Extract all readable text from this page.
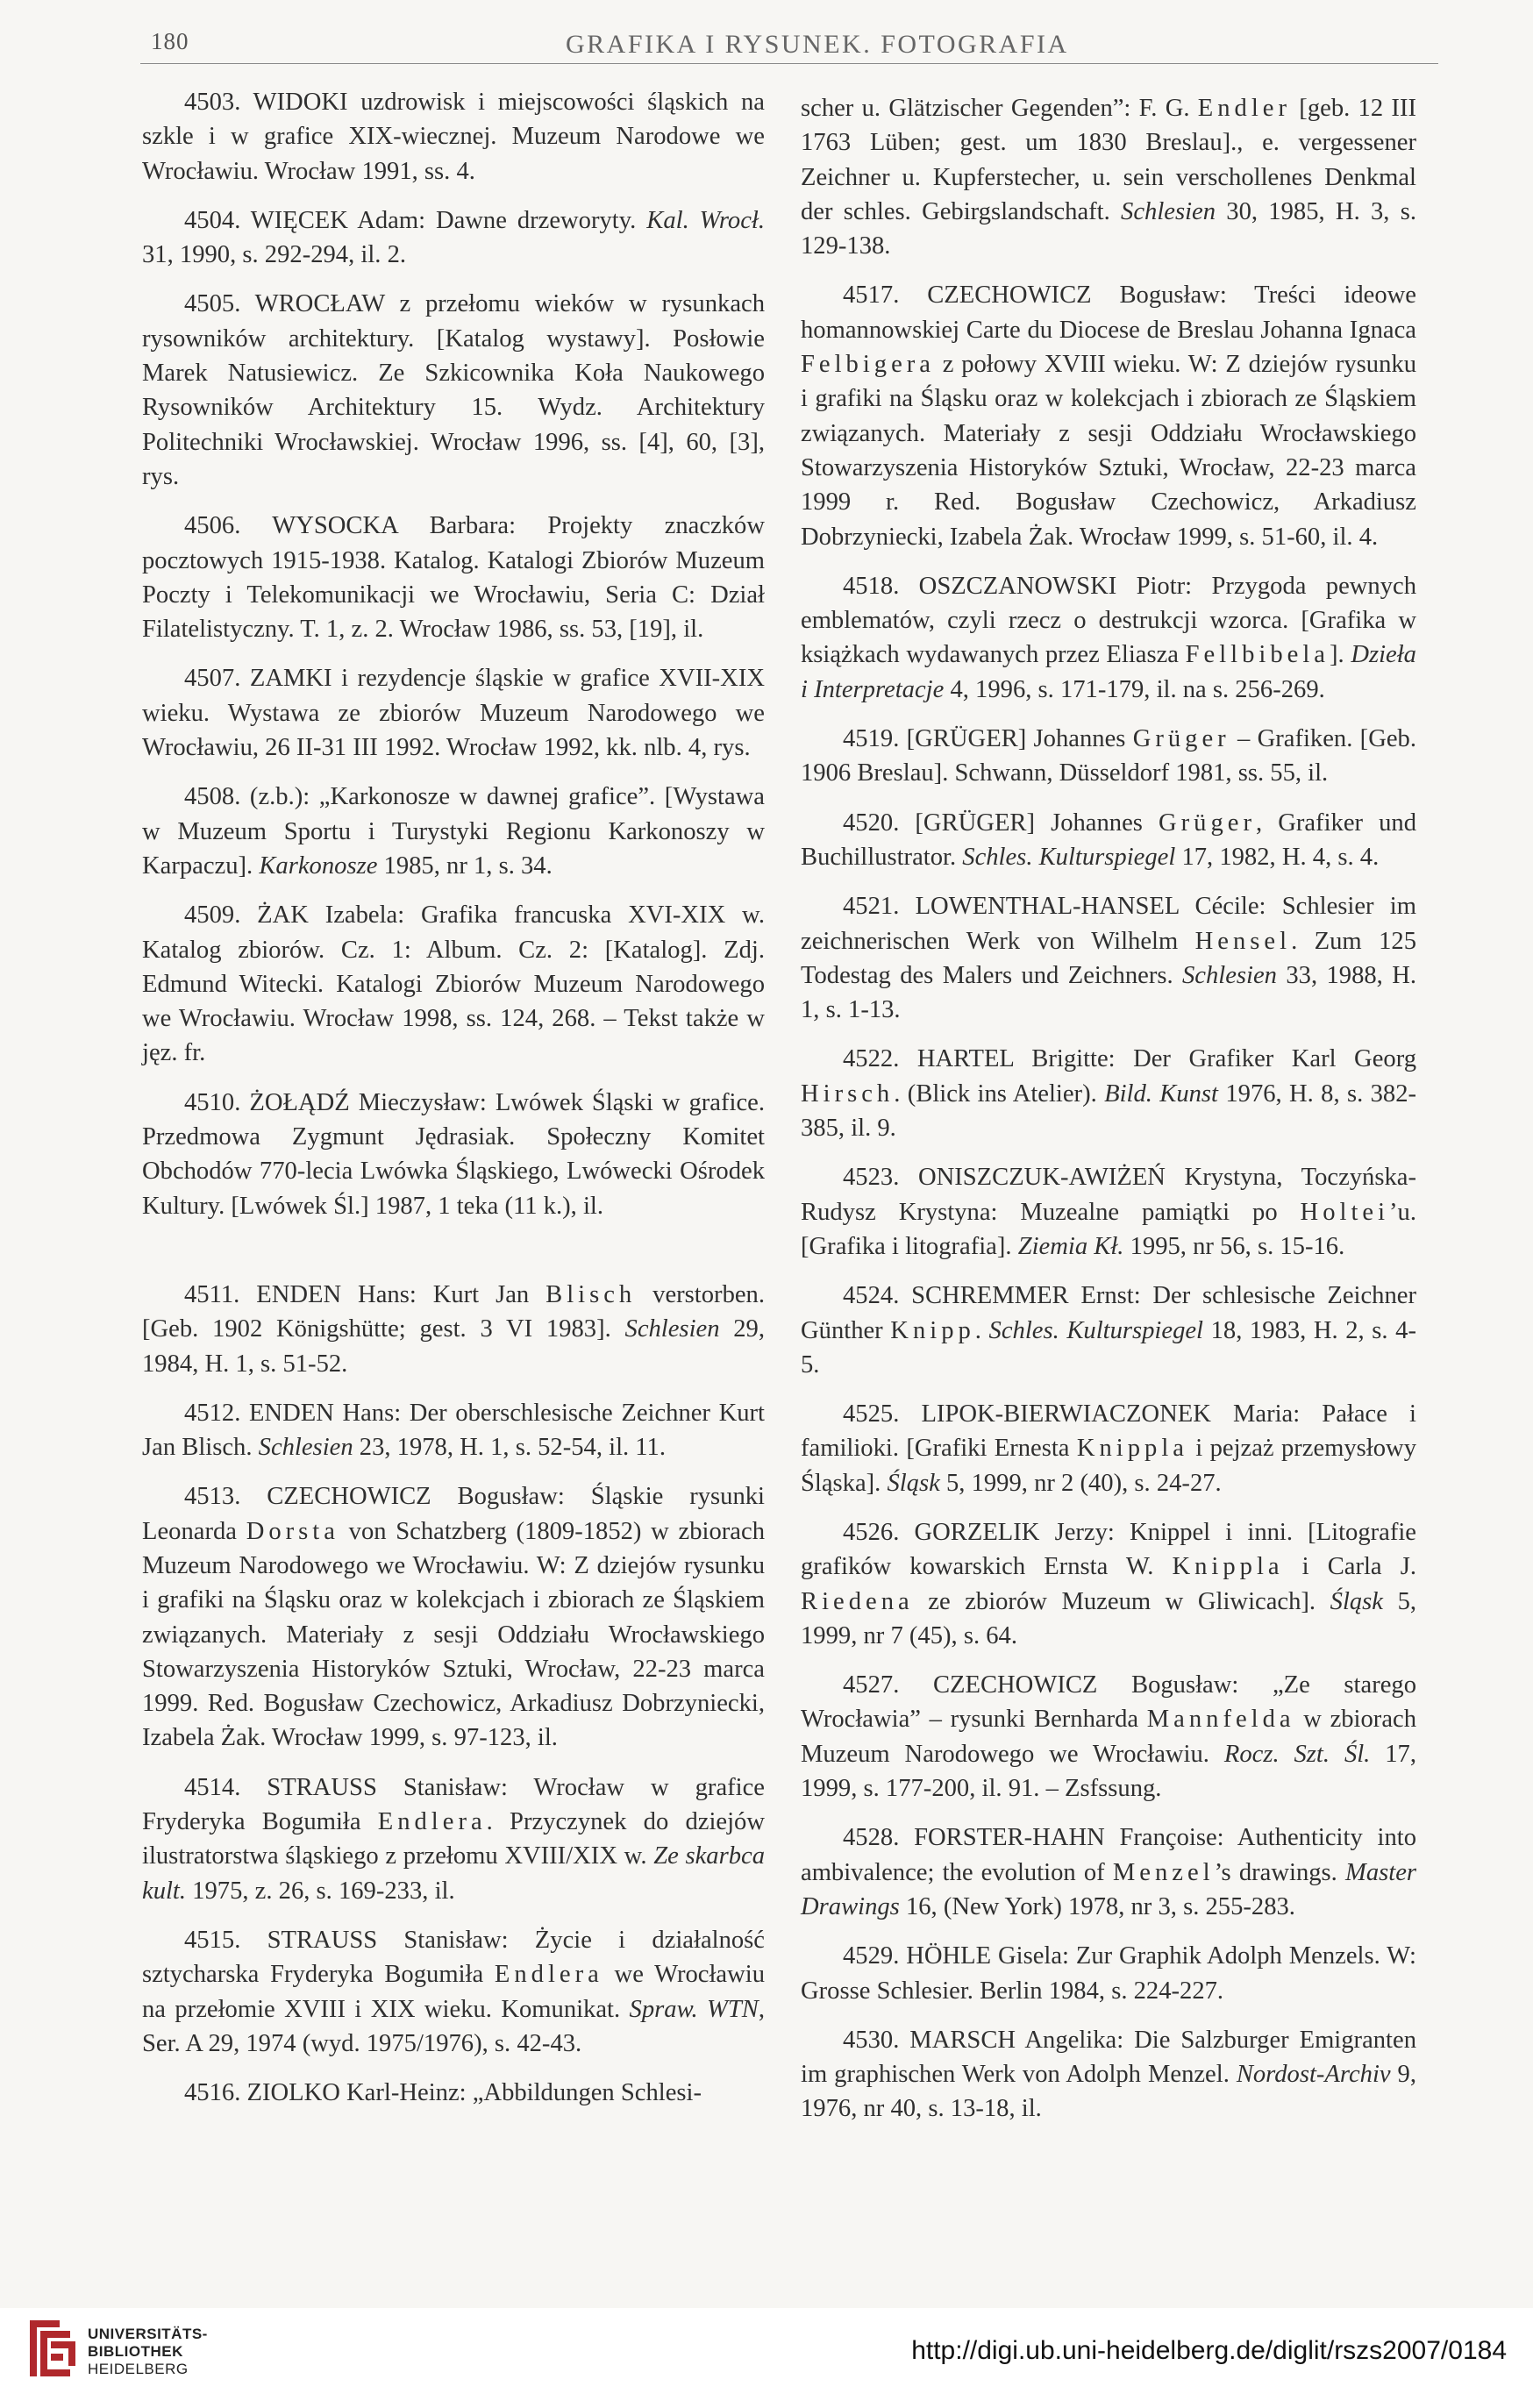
180	GRAFIKA I RYSUNEK. FOTOGRAFIA

4503. WIDOKI uzdrowisk i miejscowości śląskich na szkle i w grafice XIX-wiecznej. Muzeum Narodowe we Wrocławiu. Wrocław 1991, ss. 4.

4504. WIĘCEK Adam: Dawne drzeworyty. Kal. Wrocł. 31, 1990, s. 292-294, il. 2.

4505. WROCŁAW z przełomu wieków w rysunkach rysowników architektury. [Katalog wystawy]. Posłowie Marek Natusiewicz. Ze Szkicownika Koła Naukowego Rysowników Architektury 15. Wydz. Architektury Politechniki Wrocławskiej. Wrocław 1996, ss. [4], 60, [3], rys.

4506. WYSOCKA Barbara: Projekty znaczków pocztowych 1915-1938. Katalog. Katalogi Zbiorów Muzeum Poczty i Telekomunikacji we Wrocławiu, Seria C: Dział Filatelistyczny. T. 1, z. 2. Wrocław 1986, ss. 53, [19], il.

4507. ZAMKI i rezydencje śląskie w grafice XVII-XIX wieku. Wystawa ze zbiorów Muzeum Narodowego we Wrocławiu, 26 II-31 III 1992. Wrocław 1992, kk. nlb. 4, rys.

4508. (z.b.): „Karkonosze w dawnej grafice”. [Wystawa w Muzeum Sportu i Turystyki Regionu Karkonoszy w Karpaczu]. Karkonosze 1985, nr 1, s. 34.

4509. ŻAK Izabela: Grafika francuska XVI-XIX w. Katalog zbiorów. Cz. 1: Album. Cz. 2: [Katalog]. Zdj. Edmund Witecki. Katalogi Zbiorów Muzeum Narodowego we Wrocławiu. Wrocław 1998, ss. 124, 268. – Tekst także w jęz. fr.

4510. ŻOŁĄDŹ Mieczysław: Lwówek Śląski w grafice. Przedmowa Zygmunt Jędrasiak. Społeczny Komitet Obchodów 770-lecia Lwówka Śląskiego, Lwówecki Ośrodek Kultury. [Lwówek Śl.] 1987, 1 teka (11 k.), il.

4511. ENDEN Hans: Kurt Jan Blisch verstorben. [Geb. 1902 Königshütte; gest. 3 VI 1983]. Schlesien 29, 1984, H. 1, s. 51-52.

4512. ENDEN Hans: Der oberschlesische Zeichner Kurt Jan Blisch. Schlesien 23, 1978, H. 1, s. 52-54, il. 11.

4513. CZECHOWICZ Bogusław: Śląskie rysunki Leonarda Dorsta von Schatzberg (1809-1852) w zbiorach Muzeum Narodowego we Wrocławiu. W: Z dziejów rysunku i grafiki na Śląsku oraz w kolekcjach i zbiorach ze Śląskiem związanych. Materiały z sesji Oddziału Wrocławskiego Stowarzyszenia Historyków Sztuki, Wrocław, 22-23 marca 1999. Red. Bogusław Czechowicz, Arkadiusz Dobrzyniecki, Izabela Żak. Wrocław 1999, s. 97-123, il.

4514. STRAUSS Stanisław: Wrocław w grafice Fryderyka Bogumiła Endlera. Przyczynek do dziejów ilustratorstwa śląskiego z przełomu XVIII/XIX w. Ze skarbca kult. 1975, z. 26, s. 169-233, il.

4515. STRAUSS Stanisław: Życie i działalność sztycharska Fryderyka Bogumiła Endlera we Wrocławiu na przełomie XVIII i XIX wieku. Komunikat. Spraw. WTN, Ser. A 29, 1974 (wyd. 1975/1976), s. 42-43.

4516. ZIOLKO Karl-Heinz: „Abbildungen Schlesi-

scher u. Glätzischer Gegenden”: F. G. Endler [geb. 12 III 1763 Lüben; gest. um 1830 Breslau]., e. vergessener Zeichner u. Kupferstecher, u. sein verschollenes Denkmal der schles. Gebirgslandschaft. Schlesien 30, 1985, H. 3, s. 129-138.

4517. CZECHOWICZ Bogusław: Treści ideowe homannowskiej Carte du Diocese de Breslau Johanna Ignaca Felbigera z połowy XVIII wieku. W: Z dziejów rysunku i grafiki na Śląsku oraz w kolekcjach i zbiorach ze Śląskiem związanych. Materiały z sesji Oddziału Wrocławskiego Stowarzyszenia Historyków Sztuki, Wrocław, 22-23 marca 1999 r. Red. Bogusław Czechowicz, Arkadiusz Dobrzyniecki, Izabela Żak. Wrocław 1999, s. 51-60, il. 4.

4518. OSZCZANOWSKI Piotr: Przygoda pewnych emblematów, czyli rzecz o destrukcji wzorca. [Grafika w książkach wydawanych przez Eliasza Fellbibela]. Dzieła i Interpretacje 4, 1996, s. 171-179, il. na s. 256-269.

4519. [GRÜGER] Johannes Grüger – Grafiken. [Geb. 1906 Breslau]. Schwann, Düsseldorf 1981, ss. 55, il.

4520. [GRÜGER] Johannes Grüger, Grafiker und Buchillustrator. Schles. Kulturspiegel 17, 1982, H. 4, s. 4.

4521. LOWENTHAL-HANSEL Cécile: Schlesier im zeichnerischen Werk von Wilhelm Hensel. Zum 125 Todestag des Malers und Zeichners. Schlesien 33, 1988, H. 1, s. 1-13.

4522. HARTEL Brigitte: Der Grafiker Karl Georg Hirsch. (Blick ins Atelier). Bild. Kunst 1976, H. 8, s. 382-385, il. 9.

4523. ONISZCZUK-AWIŻEŃ Krystyna, Toczyńska-Rudysz Krystyna: Muzealne pamiątki po Holtei’u. [Grafika i litografia]. Ziemia Kł. 1995, nr 56, s. 15-16.

4524. SCHREMMER Ernst: Der schlesische Zeichner Günther Knipp. Schles. Kulturspiegel 18, 1983, H. 2, s. 4-5.

4525. LIPOK-BIERWIACZONEK Maria: Pałace i familioki. [Grafiki Ernesta Knippla i pejzaż przemysłowy Śląska]. Śląsk 5, 1999, nr 2 (40), s. 24-27.

4526. GORZELIK Jerzy: Knippel i inni. [Litografie grafików kowarskich Ernsta W. Knippla i Carla J. Riedena ze zbiorów Muzeum w Gliwicach]. Śląsk 5, 1999, nr 7 (45), s. 64.

4527. CZECHOWICZ Bogusław: „Ze starego Wrocławia” – rysunki Bernharda Mannfelda w zbiorach Muzeum Narodowego we Wrocławiu. Rocz. Szt. Śl. 17, 1999, s. 177-200, il. 91. – Zsfssung.

4528. FORSTER-HAHN Françoise: Authenticity into ambivalence; the evolution of Menzel’s drawings. Master Drawings 16, (New York) 1978, nr 3, s. 255-283.

4529. HÖHLE Gisela: Zur Graphik Adolph Menzels. W: Grosse Schlesier. Berlin 1984, s. 224-227.

4530. MARSCH Angelika: Die Salzburger Emigranten im graphischen Werk von Adolph Menzel. Nordost-Archiv 9, 1976, nr 40, s. 13-18, il.

UNIVERSITÄTS-
BIBLIOTHEK
HEIDELBERG
http://digi.ub.uni-heidelberg.de/diglit/rszs2007/0184
